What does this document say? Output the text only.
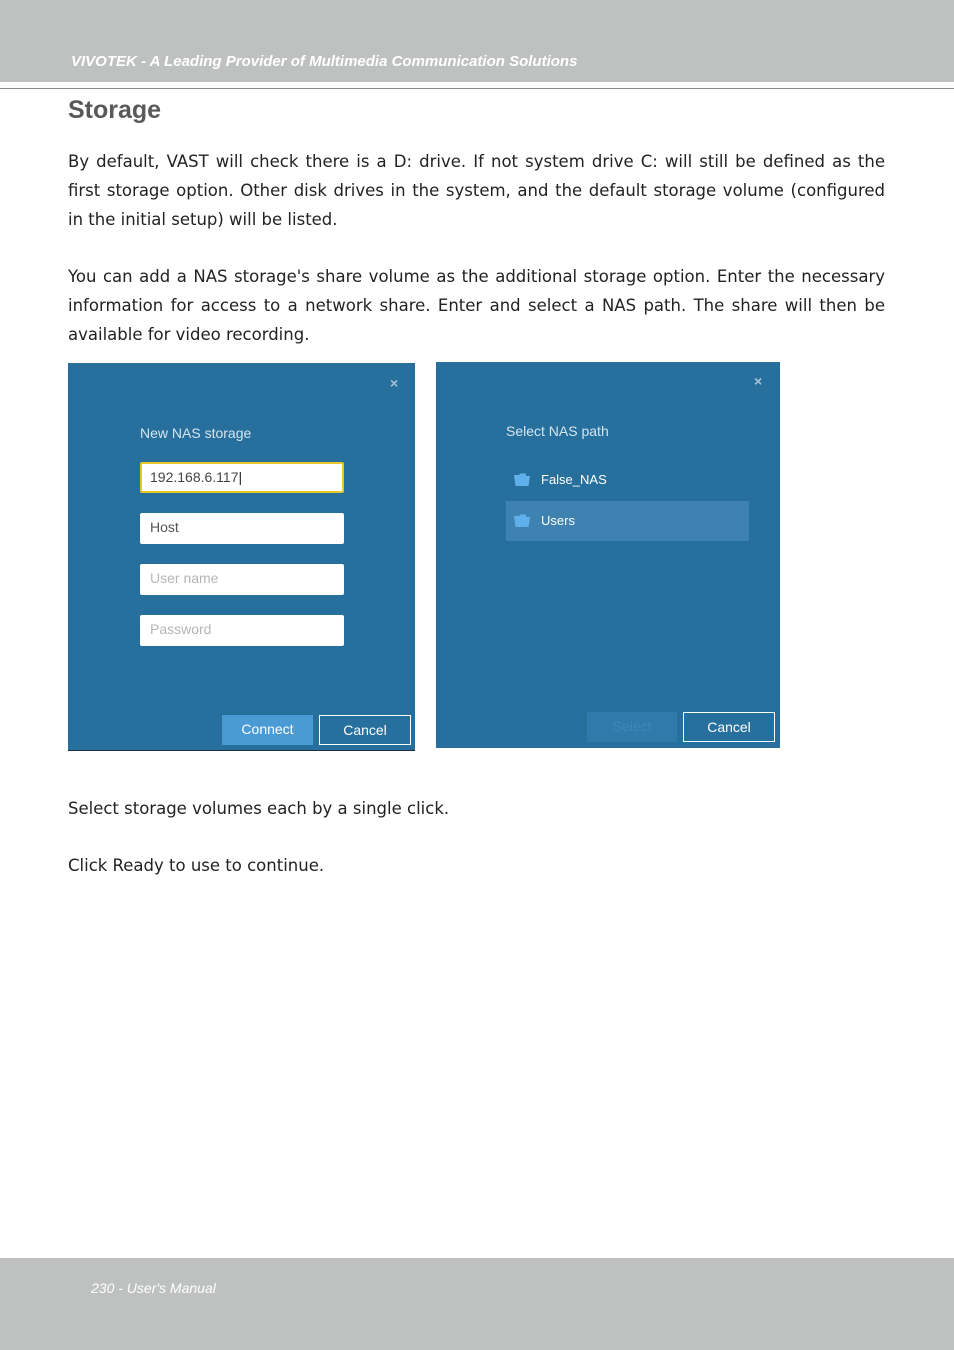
VIVOTEK - A Leading Provider of Multimedia Communication Solutions
Storage

By default, VAST will check there is a D: drive. If not system drive C: will still be defined as the first storage option. Other disk drives in the system, and the default storage volume (configured in the initial setup) will be listed.

You can add a NAS storage's share volume as the additional storage option. Enter the necessary information for access to a network share. Enter and select a NAS path. The share will then be available for video recording.

×
New NAS storage
192.168.6.117|
Host
User name
Password
Connect	Cancel
×
Select NAS path
False_NAS
Users
Select	Cancel

Select storage volumes each by a single click.

Click Ready to use to continue.

230 - User's Manual
